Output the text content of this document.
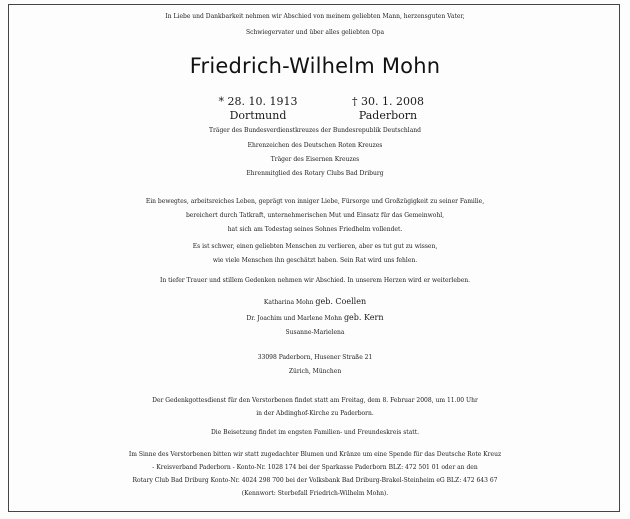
In Liebe und Dankbarkeit nehmen wir Abschied von meinem geliebten Mann, herzensguten Vater,
Schwiegervater und über alles geliebten Opa
Friedrich-Wilhelm Mohn
* 28. 10. 1913
Dortmund
† 30. 1. 2008
Paderborn
Träger des Bundesverdienstkreuzes der Bundesrepublik Deutschland
Ehrenzeichen des Deutschen Roten Kreuzes
Träger des Eisernen Kreuzes
Ehrenmitglied des Rotary Clubs Bad Driburg
Ein bewegtes, arbeitsreiches Leben, geprägt von inniger Liebe, Fürsorge und Großzügigkeit zu seiner Familie,
bereichert durch Tatkraft, unternehmerischen Mut und Einsatz für das Gemeinwohl,
hat sich am Todestag seines Sohnes Friedhelm vollendet.
Es ist schwer, einen geliebten Menschen zu verlieren, aber es tut gut zu wissen,
wie viele Menschen ihn geschätzt haben. Sein Rat wird uns fehlen.
In tiefer Trauer und stillem Gedenken nehmen wir Abschied. In unserem Herzen wird er weiterleben.
Katharina Mohn geb. Coellen
Dr. Joachim und Marlene Mohn geb. Kern
Susanne-Marielena
33098 Paderborn, Husener Straße 21
Zürich, München
Der Gedenkgottesdienst für den Verstorbenen findet statt am Freitag, dem 8. Februar 2008, um 11.00 Uhr
in der Abdinghof-Kirche zu Paderborn.
Die Beisetzung findet im engsten Familien- und Freundeskreis statt.
Im Sinne des Verstorbenen bitten wir statt zugedachter Blumen und Kränze um eine Spende für das Deutsche Rote Kreuz
- Kreisverband Paderborn - Konto-Nr. 1028 174 bei der Sparkasse Paderborn BLZ: 472 501 01 oder an den
Rotary Club Bad Driburg Konto-Nr. 4024 298 700 bei der Volksbank Bad Driburg-Brakel-Steinheim eG BLZ: 472 643 67
(Kennwort: Sterbefall Friedrich-Wilhelm Mohn).
